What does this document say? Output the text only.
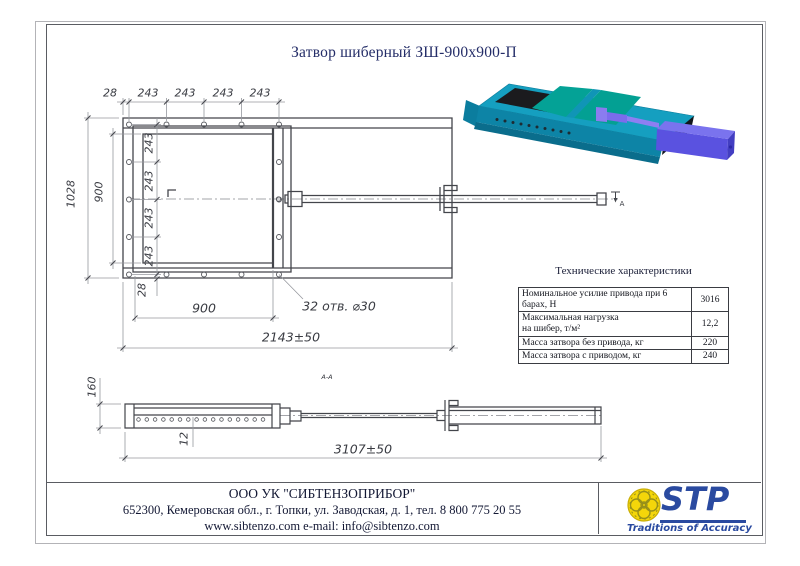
Затвор шиберный ЗШ-900х900-П
28 243 243 243 243
1028 900
243
243
243
243
28
900	32 отв. ⌀30
2143±50
А
А-А
160
12
3107±50
Технические характеристики
Номинальное усилие привода при 6 барах, Н	3016
Максимальная нагрузка
на шибер, т/м²	12,2
Масса затвора без привода, кг	220
Масса затвора с приводом, кг	240
ООО УК "СИБТЕНЗОПРИБОР"
652300, Кемеровская обл., г. Топки, ул. Заводская, д. 1, тел. 8 800 775 20 55
www.sibtenzo.com e-mail: info@sibtenzo.com
STP
Traditions of Accuracy
